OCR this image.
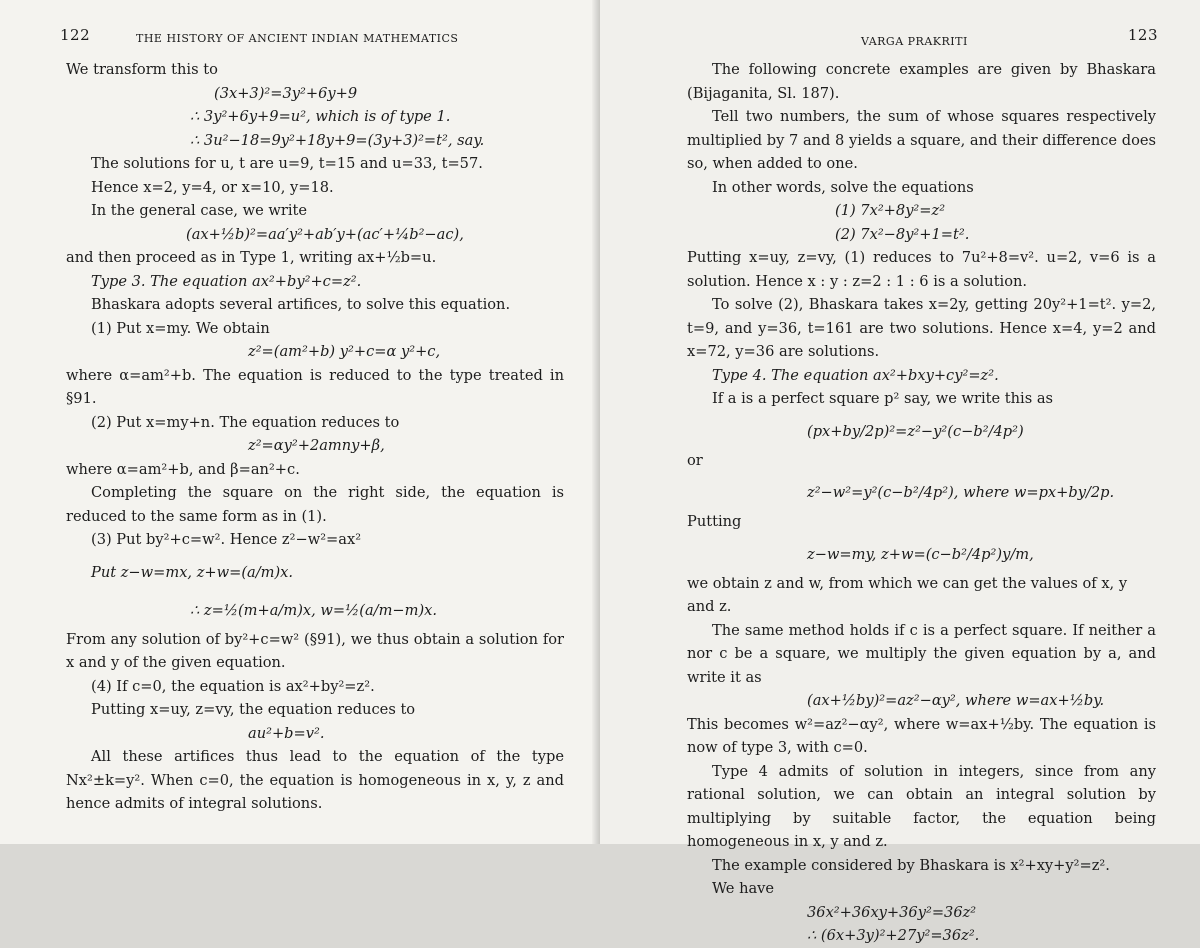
122	THE HISTORY OF ANCIENT INDIAN MATHEMATICS

We transform this to

(3x+3)²=3y²+6y+9

∴ 3y²+6y+9=u², which is of type 1.

∴ 3u²−18=9y²+18y+9=(3y+3)²=t², say.

The solutions for u, t are u=9, t=15 and u=33, t=57.

Hence x=2, y=4, or x=10, y=18.

In the general case, we write

(ax+½b)²=aa′y²+ab′y+(ac′+¼b²−ac),

and then proceed as in Type 1, writing ax+½b=u.

Type 3. The equation ax²+by²+c=z².

Bhaskara adopts several artifices, to solve this equation.

(1) Put x=my. We obtain

z²=(am²+b) y²+c=α y²+c,

where α=am²+b. The equation is reduced to the type treated in §91.

(2) Put x=my+n. The equation reduces to

z²=αy²+2amny+β,

where α=am²+b, and β=an²+c.

Completing the square on the right side, the equation is reduced to the same form as in (1).

(3) Put by²+c=w². Hence z²−w²=ax²

Put z−w=mx, z+w=(a/m)x.

∴ z=½(m+a/m)x, w=½(a/m−m)x.

From any solution of by²+c=w² (§91), we thus obtain a solution for x and y of the given equation.

(4) If c=0, the equation is ax²+by²=z².

Putting x=uy, z=vy, the equation reduces to

au²+b=v².

All these artifices thus lead to the equation of the type Nx²±k=y². When c=0, the equation is homogeneous in x, y, z and hence admits of integral solutions.

VARGA PRAKRITI	123

The following concrete examples are given by Bhaskara (Bijaganita, Sl. 187).

Tell two numbers, the sum of whose squares respectively multiplied by 7 and 8 yields a square, and their difference does so, when added to one.

In other words, solve the equations

(1) 7x²+8y²=z²

(2) 7x²−8y²+1=t².

Putting x=uy, z=vy, (1) reduces to 7u²+8=v². u=2, v=6 is a solution. Hence x : y : z=2 : 1 : 6 is a solution.

To solve (2), Bhaskara takes x=2y, getting 20y²+1=t². y=2, t=9, and y=36, t=161 are two solutions. Hence x=4, y=2 and x=72, y=36 are solutions.

Type 4. The equation ax²+bxy+cy²=z².

If a is a perfect square p² say, we write this as

(px+by/2p)²=z²−y²(c−b²/4p²)

or

z²−w²=y²(c−b²/4p²), where w=px+by/2p.

Putting

z−w=my, z+w=(c−b²/4p²)y/m,

we obtain z and w, from which we can get the values of x, y and z.

The same method holds if c is a perfect square. If neither a nor c be a square, we multiply the given equation by a, and write it as

(ax+½by)²=az²−αy², where w=ax+½by.

This becomes w²=az²−αy², where w=ax+½by. The equation is now of type 3, with c=0.

Type 4 admits of solution in integers, since from any rational solution, we can obtain an integral solution by multiplying by suitable factor, the equation being homogeneous in x, y and z.

The example considered by Bhaskara is x²+xy+y²=z².

We have

36x²+36xy+36y²=36z²

∴ (6x+3y)²+27y²=36z².
